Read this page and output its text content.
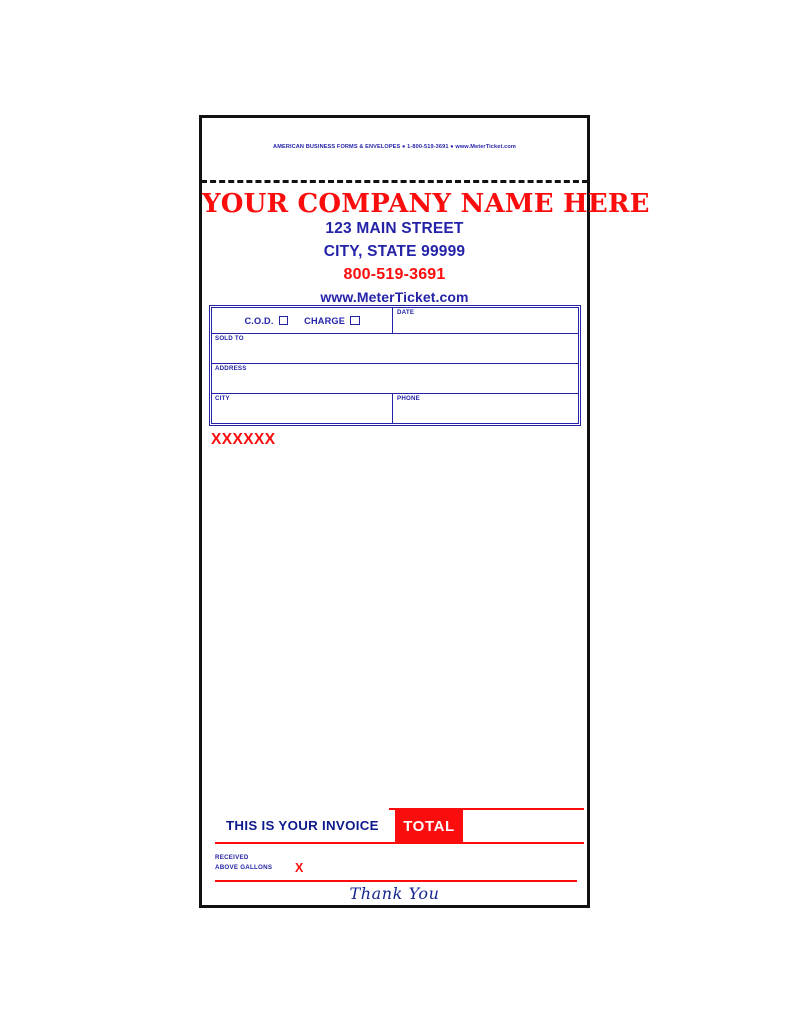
AMERICAN BUSINESS FORMS & ENVELOPES ● 1-800-519-3691 ● www.MeterTicket.com
YOUR COMPANY NAME HERE
123 MAIN STREET
CITY, STATE 99999
800-519-3691
www.MeterTicket.com
C.O.D.	CHARGE
DATE
SOLD TO
ADDRESS
CITY	PHONE
XXXXXX
THIS IS YOUR INVOICE TOTAL
RECEIVED
ABOVE GALLONS X
Thank You
